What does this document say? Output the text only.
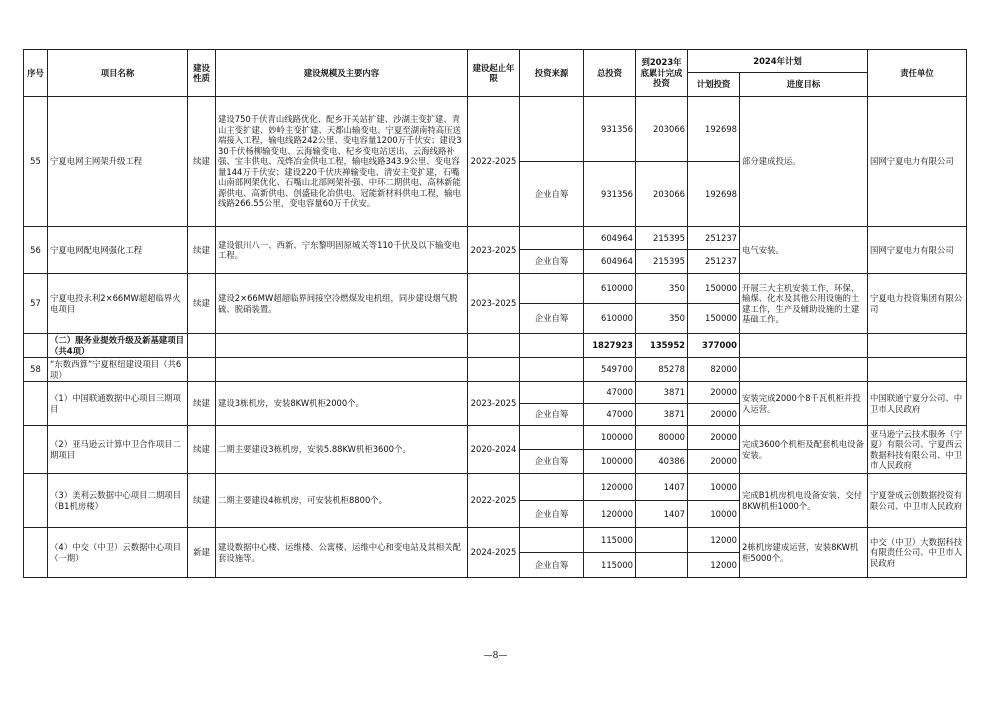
序号	项目名称	建设性质	建设规模及主要内容	建设起止年限	投资来源	总投资	到2023年底累计完成投资	2024年计划		责任单位
								计划投资	进度目标	
55	宁夏电网主网架升级工程	续建	建设750千伏青山线路优化、配乡开关站扩建、沙湖主变扩建、青山主变扩建、妙岭主变扩建、天都山输变电、宁夏至湖南特高压送端接入工程，输电线路242公里、变电容量1200万千伏安；建设330千伏杨柳输变电、云海输变电、杞乡变电站送出、云海线路补强、宝丰供电、茂烨冶金供电工程，输电线路343.9公里、变电容量144万千伏安；建设220千伏庆禅输变电、清安主变扩建，石嘴山南部网架优化、石嘴山北部网架补强、中环二期供电、高林新能源供电、高新供电、创盛硅化冶供电、冠能新材料供电工程，输电线路266.55公里，变电容量60万千伏安。	2022-2025		931356	203066	192698	部分建成投运。	国网宁夏电力有限公司
					企业自筹	931356	203066	192698		
56	宁夏电网配电网强化工程	续建	建设银川八一、西新、宁东黎明固原城关等110千伏及以下输变电工程。	2023-2025		604964	215395	251237	电气安装。	国网宁夏电力有限公司
					企业自筹	604964	215395	251237		
57	宁夏电投永利2×66MW超超临界火电项目	续建	建设2×66MW超超临界间接空冷燃煤发电机组，同步建设烟气脱硫、脱硝装置。	2023-2025		610000	350	150000	开展三大主机安装工作，环保、输煤、化水及其他公用设施的土建工作，生产及辅助设施的土建基础工作。	宁夏电力投资集团有限公司
					企业自筹	610000	350	150000		
	（二）服务业提效升级及新基建项目（共4项）					1827923	135952	377000		
58	“东数西算”宁夏枢纽建设项目（共6项）					549700	85278	82000		
	（1）中国联通数据中心项目三期项目	续建	建设3栋机房，安装8KW机柜2000个。	2023-2025		47000	3871	20000	安装完成2000个8千瓦机柜并投入运营。	中国联通宁夏分公司、中卫市人民政府
					企业自筹	47000	3871	20000		
	（2）亚马逊云计算中卫合作项目二期项目	续建	二期主要建设3栋机房，安装5.88KW机柜3600个。	2020-2024		100000	80000	20000	完成3600个机柜及配套机电设备安装。	亚马逊宁云技术服务（宁夏）有限公司、宁夏西云数据科技有限公司、中卫市人民政府
					企业自筹	100000	40386	20000		
	（3）美利云数据中心项目二期项目（B1机房楼）	续建	二期主要建设4栋机房，可安装机柜8800个。	2022-2025		120000	1407	10000	完成B1机房机电设备安装、交付8KW机柜1000个。	宁夏誉成云创数据投资有限公司、中卫市人民政府
					企业自筹	120000	1407	10000		
	（4）中交（中卫）云数据中心项目（一期）	新建	建设数据中心楼、运维楼、公寓楼、运维中心和变电站及其相关配套设施等。	2024-2025		115000		12000	2栋机房建成运营，安装8KW机柜5000个。	中交（中卫）大数据科技有限责任公司、中卫市人民政府
					企业自筹	115000		12000		
—8—
